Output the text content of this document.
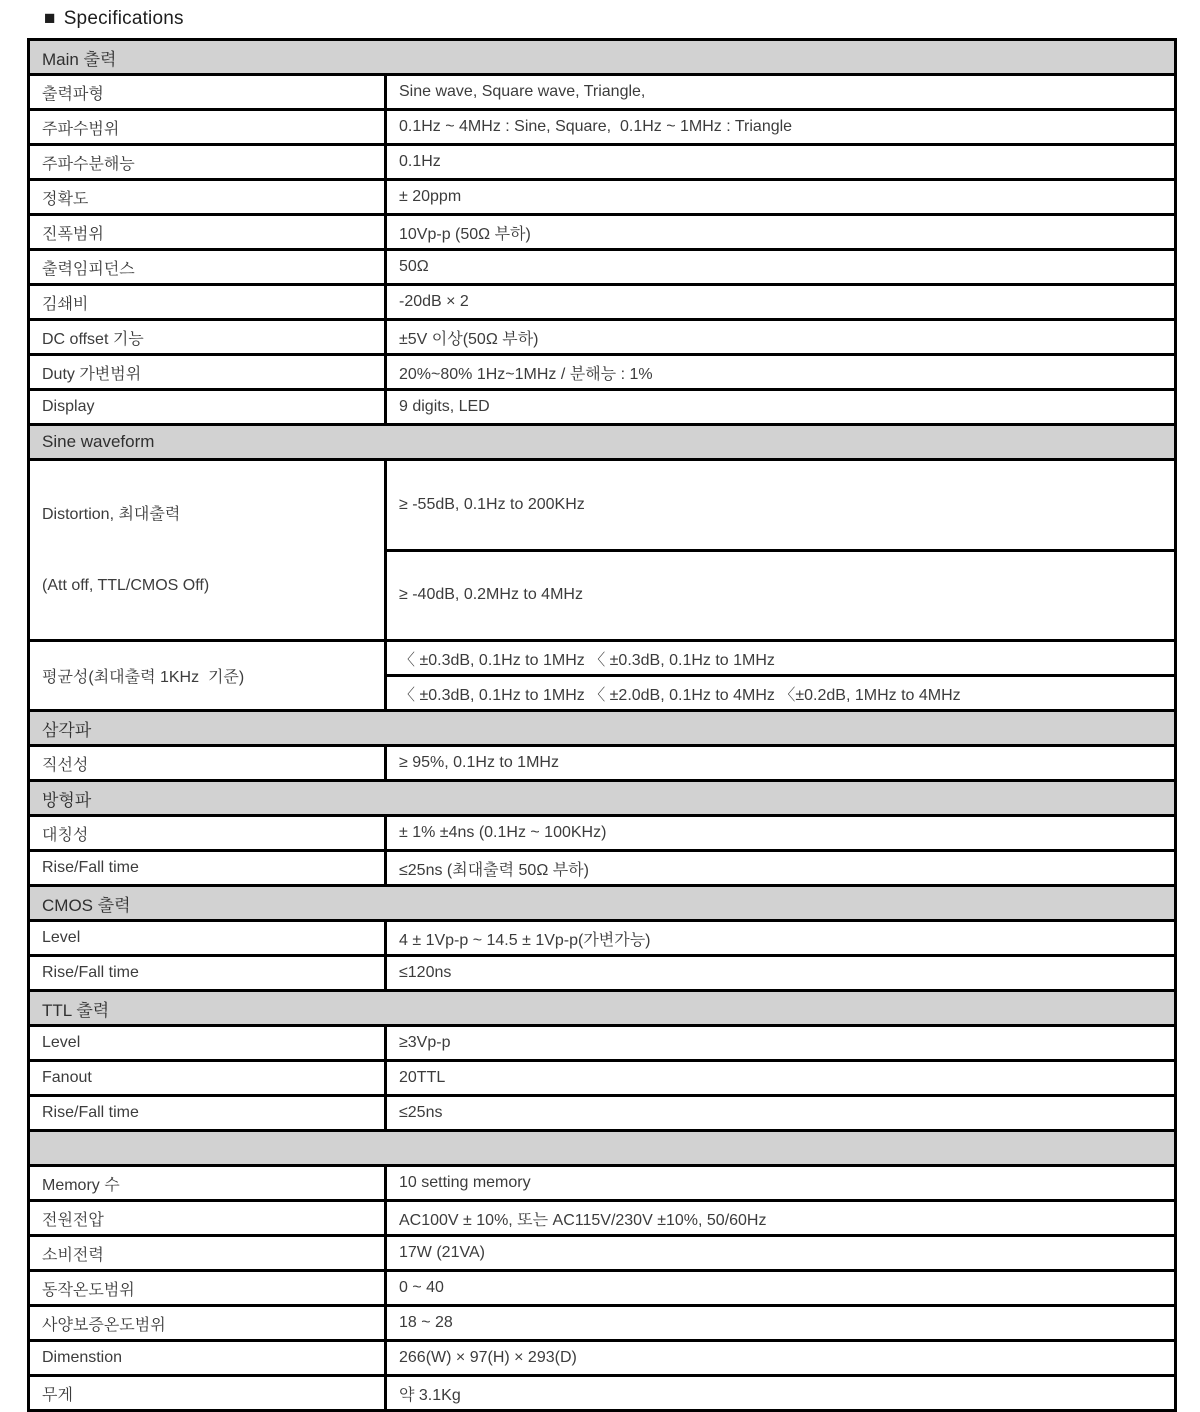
■ Specifications
Main 출력	
출력파형	Sine wave, Square wave, Triangle,
주파수범위	0.1Hz ~ 4MHz : Sine, Square,  0.1Hz ~ 1MHz : Triangle
주파수분해능	0.1Hz
정확도	± 20ppm
진폭범위	10Vp-p (50Ω 부하)
출력임피던스	50Ω
김쇄비	-20dB × 2
DC offset 기능	±5V 이상(50Ω 부하)
Duty 가변범위	20%~80% 1Hz~1MHz / 분해능 : 1%
Display	9 digits, LED
Sine waveform	

Distortion, 최대출력

(Att off, TTL/CMOS Off)	≥ -55dB, 0.1Hz to 200KHz
	≥ -40dB, 0.2MHz to 4MHz
평균성(최대출력 1KHz  기준)	〈 ±0.3dB, 0.1Hz to 1MHz 〈 ±0.3dB, 0.1Hz to 1MHz
	〈 ±0.3dB, 0.1Hz to 1MHz 〈 ±2.0dB, 0.1Hz to 4MHz 〈±0.2dB, 1MHz to 4MHz
삼각파	
직선성	≥ 95%, 0.1Hz to 1MHz
방형파	
대칭성	± 1% ±4ns (0.1Hz ~ 100KHz)
Rise/Fall time	≤25ns (최대출력 50Ω 부하)
CMOS 출력	
Level	4 ± 1Vp-p ~ 14.5 ± 1Vp-p(가변가능)
Rise/Fall time	≤120ns
TTL 출력	
Level	≥3Vp-p
Fanout	20TTL
Rise/Fall time	≤25ns

Memory 수	10 setting memory
전원전압	AC100V ± 10%, 또는 AC115V/230V ±10%, 50/60Hz
소비전력	17W (21VA)
동작온도범위	0 ~ 40
사양보증온도범위	18 ~ 28
Dimenstion	266(W) × 97(H) × 293(D)
무게	약 3.1Kg
